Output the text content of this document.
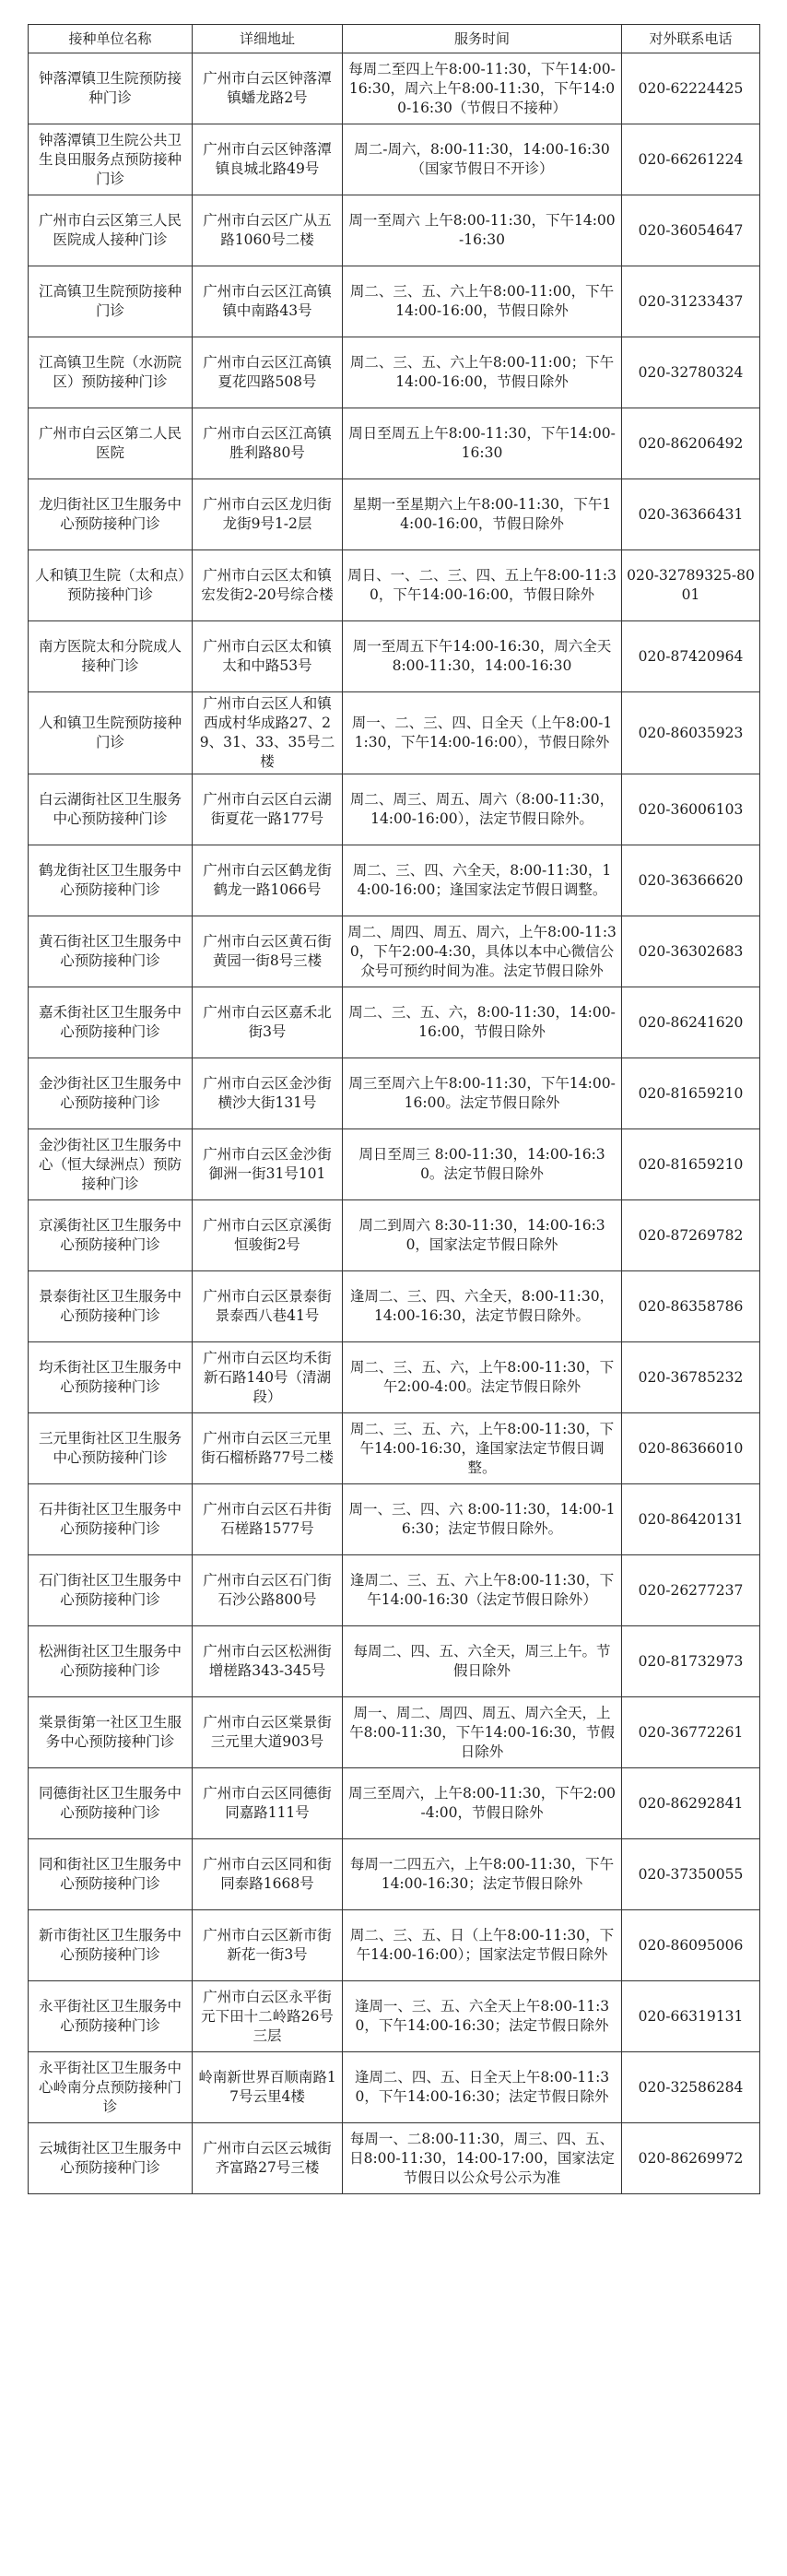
接种单位名称	详细地址	服务时间	对外联系电话
钟落潭镇卫生院预防接种门诊	广州市白云区钟落潭镇蟠龙路2号	每周二至四上午8:00-11:30，下午14:00-16:30，周六上午8:00-11:30，下午14:00-16:30（节假日不接种）	020-62224425
钟落潭镇卫生院公共卫生良田服务点预防接种门诊	广州市白云区钟落潭镇良城北路49号	周二-周六，8:00-11:30，14:00-16:30（国家节假日不开诊）	020-66261224
广州市白云区第三人民医院成人接种门诊	广州市白云区广从五路1060号二楼	周一至周六 上午8:00-11:30，下午14:00-16:30	020-36054647
江高镇卫生院预防接种门诊	广州市白云区江高镇镇中南路43号	周二、三、五、六上午8:00-11:00，下午14:00-16:00，节假日除外	020-31233437
江高镇卫生院（水沥院区）预防接种门诊	广州市白云区江高镇夏花四路508号	周二、三、五、六上午8:00-11:00；下午14:00-16:00，节假日除外	020-32780324
广州市白云区第二人民医院	广州市白云区江高镇胜利路80号	周日至周五上午8:00-11:30，下午14:00-16:30	020-86206492
龙归街社区卫生服务中心预防接种门诊	广州市白云区龙归街龙街9号1-2层	星期一至星期六上午8:00-11:30，下午14:00-16:00，节假日除外	020-36366431
人和镇卫生院（太和点）预防接种门诊	广州市白云区太和镇宏发街2-20号综合楼	周日、一、二、三、四、五上午8:00-11:30，下午14:00-16:00，节假日除外	020-32789325-8001
南方医院太和分院成人接种门诊	广州市白云区太和镇太和中路53号	周一至周五下午14:00-16:30，周六全天8:00-11:30，14:00-16:30	020-87420964
人和镇卫生院预防接种门诊	广州市白云区人和镇西成村华成路27、29、31、33、35号二楼	周一、二、三、四、日全天（上午8:00-11:30，下午14:00-16:00），节假日除外	020-86035923
白云湖街社区卫生服务中心预防接种门诊	广州市白云区白云湖街夏花一路177号	周二、周三、周五、周六（8:00-11:30，14:00-16:00），法定节假日除外。	020-36006103
鹤龙街社区卫生服务中心预防接种门诊	广州市白云区鹤龙街鹤龙一路1066号	周二、三、四、六全天，8:00-11:30，14:00-16:00；逢国家法定节假日调整。	020-36366620
黄石街社区卫生服务中心预防接种门诊	广州市白云区黄石街黄园一街8号三楼	周二、周四、周五、周六，上午8:00-11:30，下午2:00-4:30，具体以本中心微信公众号可预约时间为准。法定节假日除外	020-36302683
嘉禾街社区卫生服务中心预防接种门诊	广州市白云区嘉禾北街3号	周二、三、五、六，8:00-11:30，14:00-16:00，节假日除外	020-86241620
金沙街社区卫生服务中心预防接种门诊	广州市白云区金沙街横沙大街131号	周三至周六上午8:00-11:30，下午14:00-16:00。法定节假日除外	020-81659210
金沙街社区卫生服务中心（恒大绿洲点）预防接种门诊	广州市白云区金沙街御洲一街31号101	周日至周三 8:00-11:30，14:00-16:30。法定节假日除外	020-81659210
京溪街社区卫生服务中心预防接种门诊	广州市白云区京溪街恒骏街2号	周二到周六 8:30-11:30，14:00-16:30，国家法定节假日除外	020-87269782
景泰街社区卫生服务中心预防接种门诊	广州市白云区景泰街景泰西八巷41号	逢周二、三、四、六全天，8:00-11:30，14:00-16:30，法定节假日除外。	020-86358786
均禾街社区卫生服务中心预防接种门诊	广州市白云区均禾街新石路140号（清湖段）	周二、三、五、六，上午8:00-11:30，下午2:00-4:00。法定节假日除外	020-36785232
三元里街社区卫生服务中心预防接种门诊	广州市白云区三元里街石榴桥路77号二楼	周二、三、五、六，上午8:00-11:30，下午14:00-16:30，逢国家法定节假日调整。	020-86366010
石井街社区卫生服务中心预防接种门诊	广州市白云区石井街石槎路1577号	周一、三、四、六 8:00-11:30，14:00-16:30；法定节假日除外。	020-86420131
石门街社区卫生服务中心预防接种门诊	广州市白云区石门街石沙公路800号	逢周二、三、五、六上午8:00-11:30，下午14:00-16:30（法定节假日除外）	020-26277237
松洲街社区卫生服务中心预防接种门诊	广州市白云区松洲街增槎路343-345号	每周二、四、五、六全天，周三上午。节假日除外	020-81732973
棠景街第一社区卫生服务中心预防接种门诊	广州市白云区棠景街三元里大道903号	周一、周二、周四、周五、周六全天，上午8:00-11:30，下午14:00-16:30，节假日除外	020-36772261
同德街社区卫生服务中心预防接种门诊	广州市白云区同德街同嘉路111号	周三至周六，上午8:00-11:30，下午2:00-4:00，节假日除外	020-86292841
同和街社区卫生服务中心预防接种门诊	广州市白云区同和街同泰路1668号	每周一二四五六，上午8:00-11:30，下午14:00-16:30；法定节假日除外	020-37350055
新市街社区卫生服务中心预防接种门诊	广州市白云区新市街新花一街3号	周二、三、五、日（上午8:00-11:30，下午14:00-16:00）；国家法定节假日除外	020-86095006
永平街社区卫生服务中心预防接种门诊	广州市白云区永平街元下田十二岭路26号三层	逢周一、三、五、六全天上午8:00-11:30，下午14:00-16:30；法定节假日除外	020-66319131
永平街社区卫生服务中心岭南分点预防接种门诊	岭南新世界百顺南路17号云里4楼	逢周二、四、五、日全天上午8:00-11:30，下午14:00-16:30；法定节假日除外	020-32586284
云城街社区卫生服务中心预防接种门诊	广州市白云区云城街齐富路27号三楼	每周一、二8:00-11:30，周三、四、五、日8:00-11:30，14:00-17:00，国家法定节假日以公众号公示为准	020-86269972
